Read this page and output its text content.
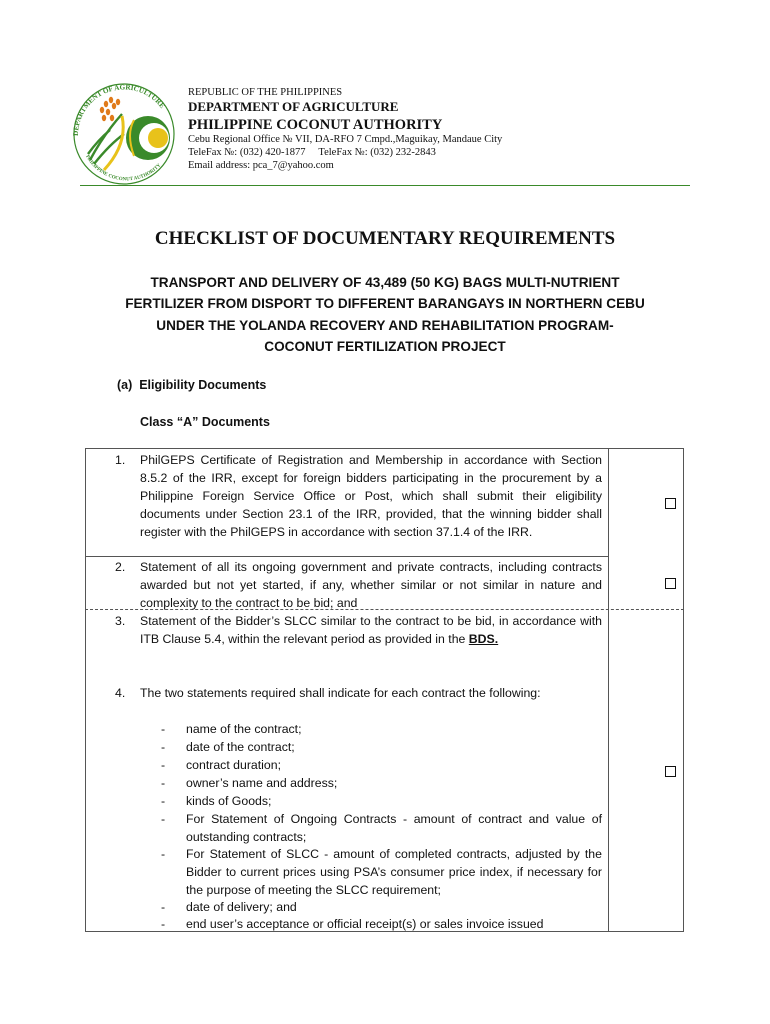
DEPARTMENT OF AGRICULTURE
PHILIPPINE COCONUT AUTHORITY
REPUBLIC OF THE PHILIPPINES
DEPARTMENT OF AGRICULTURE
PHILIPPINE COCONUT AUTHORITY
Cebu Regional Office № VII, DA-RFO 7 Cmpd.,Maguikay, Mandaue City
TeleFax №: (032) 420-1877     TeleFax №: (032) 232-2843
Email address: pca_7@yahoo.com
CHECKLIST OF DOCUMENTARY REQUIREMENTS
TRANSPORT AND DELIVERY OF 43,489 (50 KG) BAGS MULTI-NUTRIENT
FERTILIZER FROM DISPORT TO DIFFERENT BARANGAYS IN NORTHERN CEBU
UNDER THE YOLANDA RECOVERY AND REHABILITATION PROGRAM-
COCONUT FERTILIZATION PROJECT
(a)  Eligibility Documents
Class “A” Documents
1. PhilGEPS Certificate of Registration and Membership in accordance with Section 8.5.2 of the IRR, except for foreign bidders participating in the procurement by a Philippine Foreign Service Office or Post, which shall submit their eligibility documents under Section 23.1 of the IRR, provided, that the winning bidder shall register with the PhilGEPS in accordance with section 37.1.4 of the IRR.
2. Statement of all its ongoing government and private contracts, including contracts awarded but not yet started, if any, whether similar or not similar in nature and complexity to the contract to be bid; and
3. Statement of the Bidder’s SLCC similar to the contract to be bid, in accordance with ITB Clause 5.4, within the relevant period as provided in the BDS.
4. The two statements required shall indicate for each contract the following:
- name of the contract;
- date of the contract;
- contract duration;
- owner’s name and address;
- kinds of Goods;
- For Statement of Ongoing Contracts - amount of contract and value of outstanding contracts;
- For Statement of SLCC - amount of completed contracts, adjusted by the Bidder to current prices using PSA’s consumer price index, if necessary for the purpose of meeting the SLCC requirement;
- date of delivery; and
- end user’s acceptance or official receipt(s) or sales invoice issued
